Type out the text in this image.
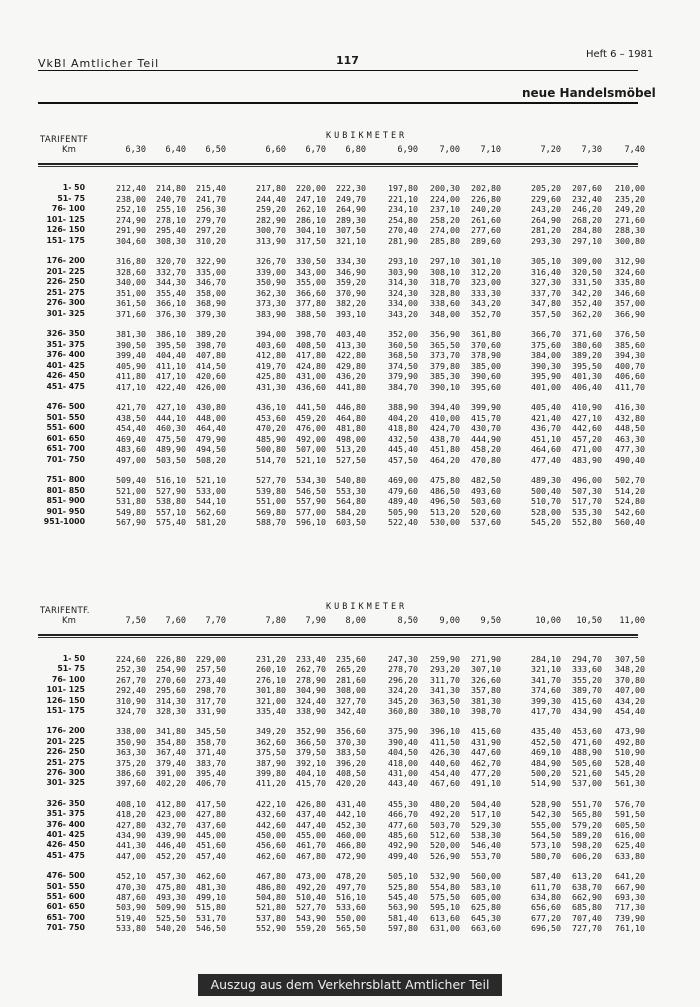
VkBl Amtlicher Teil	117	Heft 6 – 1981
neue Handelsmöbel
TARIFENTF
Km
KUBIKMETER
6,30	6,40	6,50	6,60	6,70	6,80	6,90	7,00	7,10	7,20	7,30	7,40
1- 50	212,40	214,80	215,40	217,80	220,00	222,30	197,80	200,30	202,80	205,20	207,60	210,00
51- 75	238,00	240,70	241,70	244,40	247,10	249,70	221,10	224,00	226,80	229,60	232,40	235,20
76- 100	252,10	255,10	256,30	259,20	262,10	264,90	234,10	237,10	240,20	243,20	246,20	249,20
101- 125	274,90	278,10	279,70	282,90	286,10	289,30	254,80	258,20	261,60	264,90	268,20	271,60
126- 150	291,90	295,40	297,20	300,70	304,10	307,50	270,40	274,00	277,60	281,20	284,80	288,30
151- 175	304,60	308,30	310,20	313,90	317,50	321,10	281,90	285,80	289,60	293,30	297,10	300,80
176- 200	316,80	320,70	322,90	326,70	330,50	334,30	293,10	297,10	301,10	305,10	309,00	312,90
201- 225	328,60	332,70	335,00	339,00	343,00	346,90	303,90	308,10	312,20	316,40	320,50	324,60
226- 250	340,00	344,30	346,70	350,90	355,00	359,20	314,30	318,70	323,00	327,30	331,50	335,80
251- 275	351,00	355,40	358,00	362,30	366,60	370,90	324,30	328,80	333,30	337,70	342,20	346,60
276- 300	361,50	366,10	368,90	373,30	377,80	382,20	334,00	338,60	343,20	347,80	352,40	357,00
301- 325	371,60	376,30	379,30	383,90	388,50	393,10	343,20	348,00	352,70	357,50	362,20	366,90
326- 350	381,30	386,10	389,20	394,00	398,70	403,40	352,00	356,90	361,80	366,70	371,60	376,50
351- 375	390,50	395,50	398,70	403,60	408,50	413,30	360,50	365,50	370,60	375,60	380,60	385,60
376- 400	399,40	404,40	407,80	412,80	417,80	422,80	368,50	373,70	378,90	384,00	389,20	394,30
401- 425	405,90	411,10	414,50	419,70	424,80	429,80	374,50	379,80	385,00	390,30	395,50	400,70
426- 450	411,80	417,10	420,60	425,80	431,00	436,20	379,90	385,30	390,60	395,90	401,30	406,60
451- 475	417,10	422,40	426,00	431,30	436,60	441,80	384,70	390,10	395,60	401,00	406,40	411,70
476- 500	421,70	427,10	430,80	436,10	441,50	446,80	388,90	394,40	399,90	405,40	410,90	416,30
501- 550	438,50	444,10	448,00	453,60	459,20	464,80	404,20	410,00	415,70	421,40	427,10	432,80
551- 600	454,40	460,30	464,40	470,20	476,00	481,80	418,80	424,70	430,70	436,70	442,60	448,50
601- 650	469,40	475,50	479,90	485,90	492,00	498,00	432,50	438,70	444,90	451,10	457,20	463,30
651- 700	483,60	489,90	494,50	500,80	507,00	513,20	445,40	451,80	458,20	464,60	471,00	477,30
701- 750	497,00	503,50	508,20	514,70	521,10	527,50	457,50	464,20	470,80	477,40	483,90	490,40
751- 800	509,40	516,10	521,10	527,70	534,30	540,80	469,00	475,80	482,50	489,30	496,00	502,70
801- 850	521,00	527,90	533,00	539,80	546,50	553,30	479,60	486,50	493,60	500,40	507,30	514,20
851- 900	531,80	538,80	544,10	551,00	557,90	564,80	489,40	496,50	503,60	510,70	517,70	524,80
901- 950	549,80	557,10	562,60	569,80	577,00	584,20	505,90	513,20	520,60	528,00	535,30	542,60
951-1000	567,90	575,40	581,20	588,70	596,10	603,50	522,40	530,00	537,60	545,20	552,80	560,40
TARIFENTF.
Km
KUBIKMETER
7,50	7,60	7,70	7,80	7,90	8,00	8,50	9,00	9,50	10,00	10,50	11,00
1- 50	224,60	226,80	229,00	231,20	233,40	235,60	247,30	259,90	271,90	284,10	294,70	307,50
51- 75	252,30	254,90	257,50	260,10	262,70	265,20	278,70	293,20	307,10	321,10	333,60	348,20
76- 100	267,70	270,60	273,40	276,10	278,90	281,60	296,20	311,70	326,60	341,70	355,20	370,80
101- 125	292,40	295,60	298,70	301,80	304,90	308,00	324,20	341,30	357,80	374,60	389,70	407,00
126- 150	310,90	314,30	317,70	321,00	324,40	327,70	345,20	363,50	381,30	399,30	415,60	434,20
151- 175	324,70	328,30	331,90	335,40	338,90	342,40	360,80	380,10	398,70	417,70	434,90	454,40
176- 200	338,00	341,80	345,50	349,20	352,90	356,60	375,90	396,10	415,60	435,40	453,60	473,90
201- 225	350,90	354,80	358,70	362,60	366,50	370,30	390,40	411,50	431,90	452,50	471,60	492,80
226- 250	363,30	367,40	371,40	375,50	379,50	383,50	404,50	426,30	447,60	469,10	488,90	510,90
251- 275	375,20	379,40	383,70	387,90	392,10	396,20	418,00	440,60	462,70	484,90	505,60	528,40
276- 300	386,60	391,00	395,40	399,80	404,10	408,50	431,00	454,40	477,20	500,20	521,60	545,20
301- 325	397,60	402,20	406,70	411,20	415,70	420,20	443,40	467,60	491,10	514,90	537,00	561,30
326- 350	408,10	412,80	417,50	422,10	426,80	431,40	455,30	480,20	504,40	528,90	551,70	576,70
351- 375	418,20	423,00	427,80	432,60	437,40	442,10	466,70	492,20	517,10	542,30	565,80	591,50
376- 400	427,80	432,70	437,60	442,60	447,40	452,30	477,60	503,70	529,30	555,00	579,20	605,50
401- 425	434,90	439,90	445,00	450,00	455,00	460,00	485,60	512,60	538,30	564,50	589,20	616,00
426- 450	441,30	446,40	451,60	456,60	461,70	466,80	492,90	520,00	546,40	573,10	598,20	625,40
451- 475	447,00	452,20	457,40	462,60	467,80	472,90	499,40	526,90	553,70	580,70	606,20	633,80
476- 500	452,10	457,30	462,60	467,80	473,00	478,20	505,10	532,90	560,00	587,40	613,20	641,20
501- 550	470,30	475,80	481,30	486,80	492,20	497,70	525,80	554,80	583,10	611,70	638,70	667,90
551- 600	487,60	493,30	499,10	504,80	510,40	516,10	545,40	575,50	605,00	634,80	662,90	693,30
601- 650	503,90	509,90	515,80	521,80	527,70	533,60	563,90	595,10	625,80	656,60	685,80	717,30
651- 700	519,40	525,50	531,70	537,80	543,90	550,00	581,40	613,60	645,30	677,20	707,40	739,90
701- 750	533,80	540,20	546,50	552,90	559,20	565,50	597,80	631,00	663,60	696,50	727,70	761,10
Auszug aus dem Verkehrsblatt Amtlicher Teil
